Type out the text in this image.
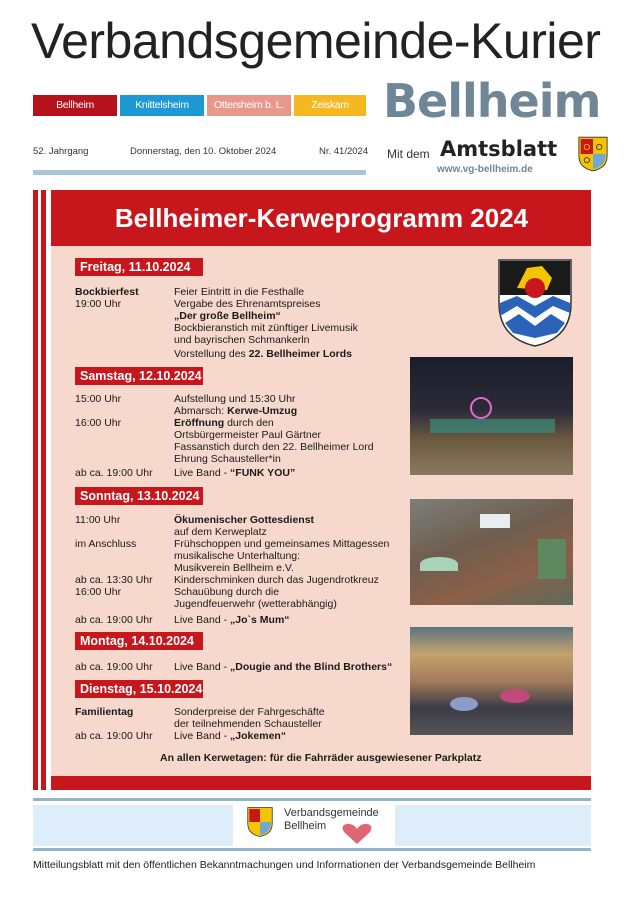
Verbandsgemeinde-Kurier
Bellheim	Knittelsheim	Ottersheim b. L.	Zeiskam Bellheim
52. Jahrgang	Donnerstag, den 10. Oktober 2024	Nr. 41/2024 Mit dem Amtsblatt
www.vg-bellheim.de
Bellheimer-Kerweprogramm 2024
Freitag, 11.10.2024
Bockbierfest	Feier Eintritt in die Festhalle
19:00 Uhr	Vergabe des Ehrenamtspreises
„Der große Bellheim“
Bockbieranstich mit zünftiger Livemusik
und bayrischen Schmankerln
Vorstellung des 22. Bellheimer Lords
Samstag, 12.10.2024
15:00 Uhr	Aufstellung und 15:30 Uhr
Abmarsch: Kerwe-Umzug
16:00 Uhr	Eröffnung durch den
Ortsbürgermeister Paul Gärtner
Fassanstich durch den 22. Bellheimer Lord
Ehrung Schausteller*in
ab ca. 19:00 Uhr	Live Band - “FUNK YOU”
Sonntag, 13.10.2024
11:00 Uhr	Ökumenischer Gottesdienst
auf dem Kerweplatz
im Anschluss	Frühschoppen und gemeinsames Mittagessen
musikalische Unterhaltung:
Musikverein Bellheim e.V.
ab ca. 13:30 Uhr	Kinderschminken durch das Jugendrotkreuz
16:00 Uhr	Schauübung durch die
Jugendfeuerwehr (wetterabhängig)
ab ca. 19:00 Uhr	Live Band - „Jo`s Mum“
Montag, 14.10.2024
ab ca. 19:00 Uhr	Live Band - „Dougie and the Blind Brothers“
Dienstag, 15.10.2024
Familientag	Sonderpreise der Fahrgeschäfte
der teilnehmenden Schausteller
ab ca. 19:00 Uhr	Live Band - „Jokemen“
An allen Kerwetagen: für die Fahrräder ausgewiesener Parkplatz
Verbandsgemeinde
Bellheim
Mitteilungsblatt mit den öffentlichen Bekanntmachungen und Informationen der Verbandsgemeinde Bellheim
